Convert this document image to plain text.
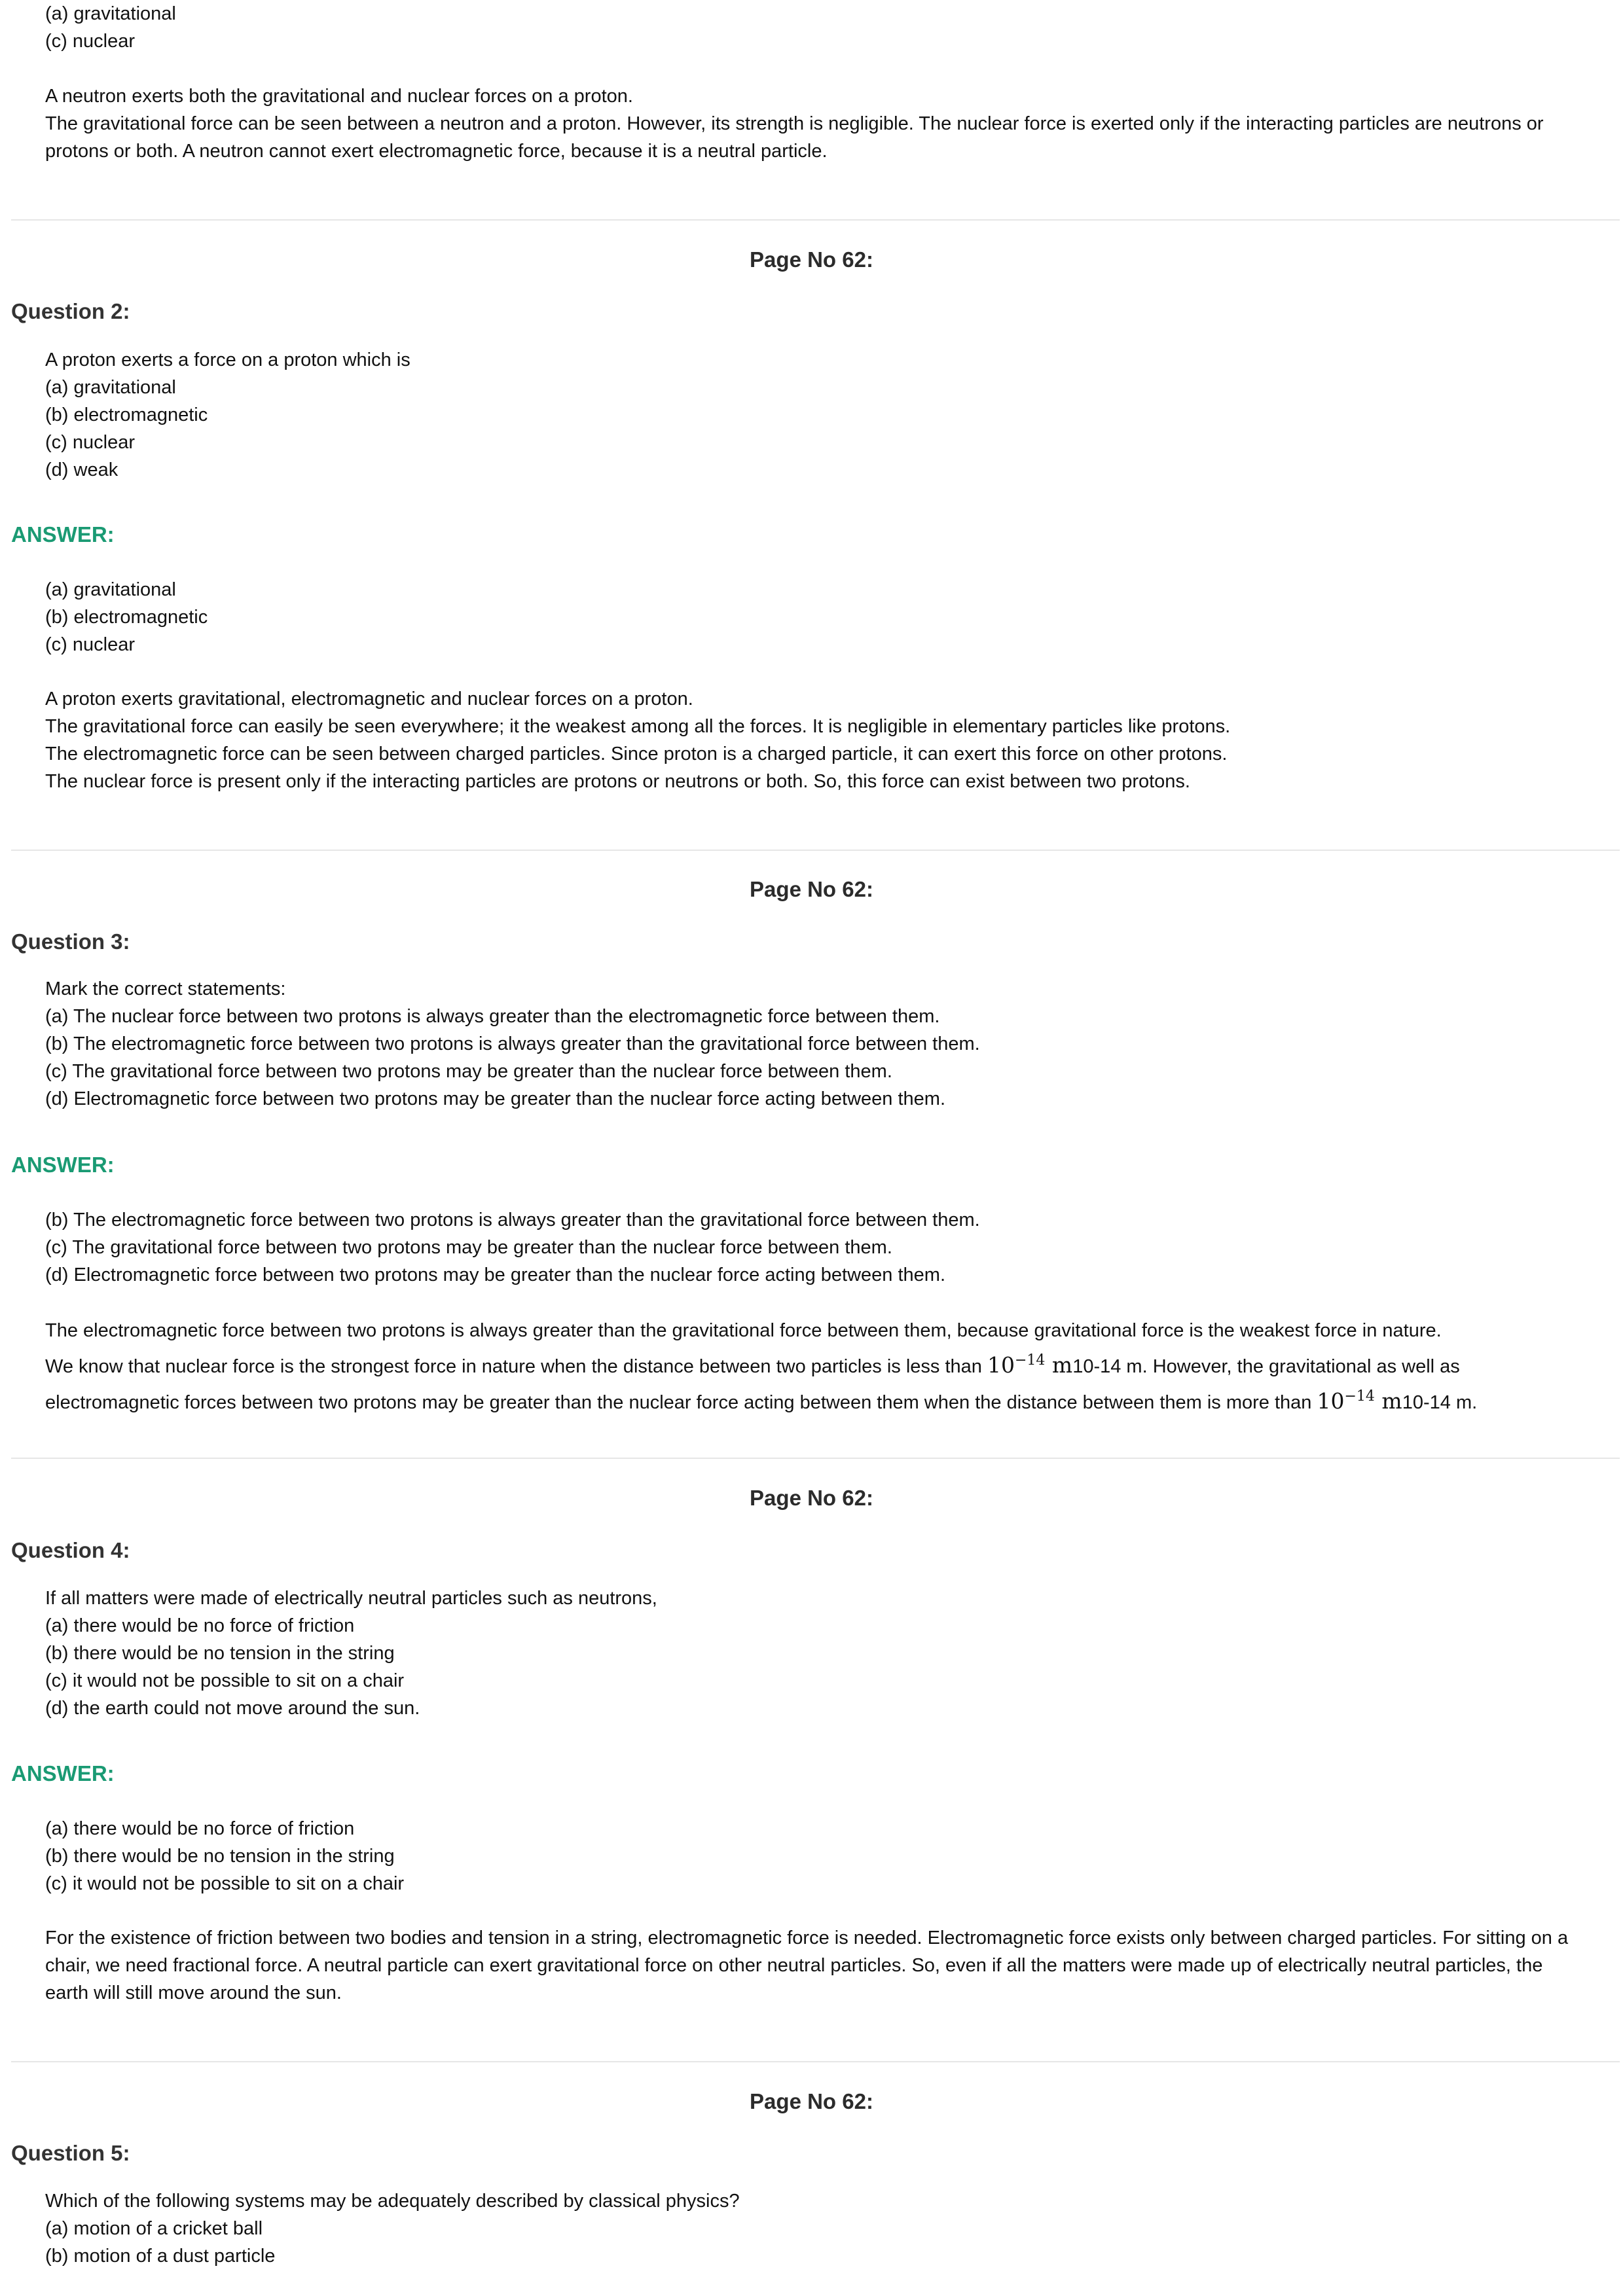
(a) gravitational
(c) nuclear
A neutron exerts both the gravitational and nuclear forces on a proton.
The gravitational force can be seen between a neutron and a proton. However, its strength is negligible. The nuclear force is exerted only if the interacting particles are neutrons or protons or both. A neutron cannot exert electromagnetic force, because it is a neutral particle.
Page No 62:
Question 2:
A proton exerts a force on a proton which is
(a) gravitational
(b) electromagnetic
(c) nuclear
(d) weak
ANSWER:
(a) gravitational
(b) electromagnetic
(c) nuclear
A proton exerts gravitational, electromagnetic and nuclear forces on a proton.
The gravitational force can easily be seen everywhere; it the weakest among all the forces. It is negligible in elementary particles like protons.
The electromagnetic force can be seen between charged particles. Since proton is a charged particle, it can exert this force on other protons.
The nuclear force is present only if the interacting particles are protons or neutrons or both. So, this force can exist between two protons.
Page No 62:
Question 3:
Mark the correct statements:
(a) The nuclear force between two protons is always greater than the electromagnetic force between them.
(b) The electromagnetic force between two protons is always greater than the gravitational force between them.
(c) The gravitational force between two protons may be greater than the nuclear force between them.
(d) Electromagnetic force between two protons may be greater than the nuclear force acting between them.
ANSWER:
(b) The electromagnetic force between two protons is always greater than the gravitational force between them.
(c) The gravitational force between two protons may be greater than the nuclear force between them.
(d) Electromagnetic force between two protons may be greater than the nuclear force acting between them.
The electromagnetic force between two protons is always greater than the gravitational force between them, because gravitational force is the weakest force in nature.
We know that nuclear force is the strongest force in nature when the distance between two particles is less than $10^{-14}$ m10-14 m. However, the gravitational as well as
electromagnetic forces between two protons may be greater than the nuclear force acting between them when the distance between them is more than $10^{-14}$ m10-14 m.
Page No 62:
Question 4:
If all matters were made of electrically neutral particles such as neutrons,
(a) there would be no force of friction
(b) there would be no tension in the string
(c) it would not be possible to sit on a chair
(d) the earth could not move around the sun.
ANSWER:
(a) there would be no force of friction
(b) there would be no tension in the string
(c) it would not be possible to sit on a chair
For the existence of friction between two bodies and tension in a string, electromagnetic force is needed. Electromagnetic force exists only between charged particles. For sitting on a chair, we need fractional force. A neutral particle can exert gravitational force on other neutral particles. So, even if all the matters were made up of electrically neutral particles, the earth will still move around the sun.
Page No 62:
Question 5:
Which of the following systems may be adequately described by classical physics?
(a) motion of a cricket ball
(b) motion of a dust particle
